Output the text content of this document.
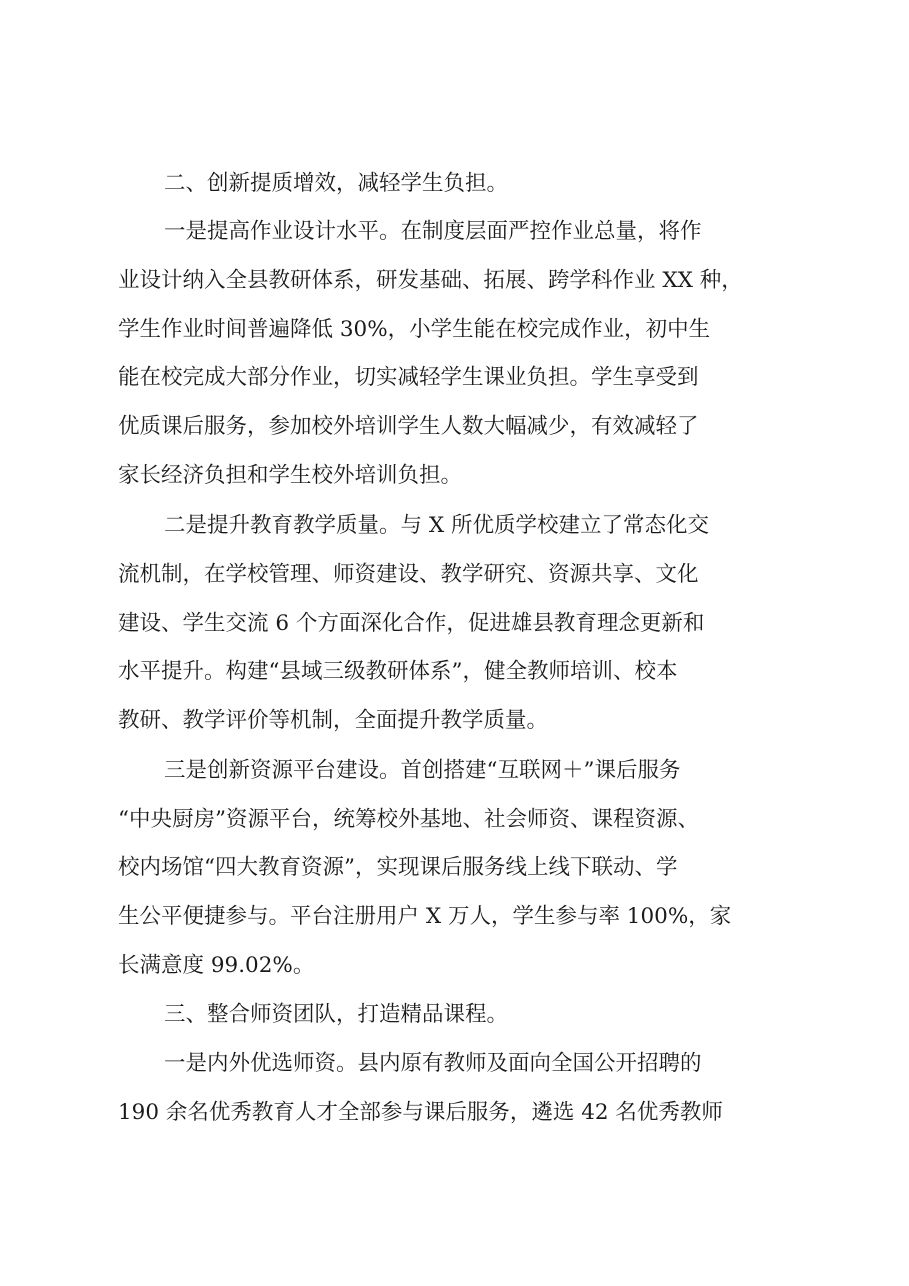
二、创新提质增效，减轻学生负担。
一是提高作业设计水平。在制度层面严控作业总量，将作
业设计纳入全县教研体系，研发基础、拓展、跨学科作业 XX 种，
学生作业时间普遍降低 30%，小学生能在校完成作业，初中生
能在校完成大部分作业，切实减轻学生课业负担。学生享受到
优质课后服务，参加校外培训学生人数大幅减少，有效减轻了
家长经济负担和学生校外培训负担。
二是提升教育教学质量。与 X 所优质学校建立了常态化交
流机制，在学校管理、师资建设、教学研究、资源共享、文化
建设、学生交流 6 个方面深化合作，促进雄县教育理念更新和
水平提升。构建“县域三级教研体系”，健全教师培训、校本
教研、教学评价等机制，全面提升教学质量。
三是创新资源平台建设。首创搭建“互联网＋”课后服务
“中央厨房”资源平台，统筹校外基地、社会师资、课程资源、
校内场馆“四大教育资源”，实现课后服务线上线下联动、学
生公平便捷参与。平台注册用户 X 万人，学生参与率 100%，家
长满意度 99.02%。
三、整合师资团队，打造精品课程。
一是内外优选师资。县内原有教师及面向全国公开招聘的
190 余名优秀教育人才全部参与课后服务，遴选 42 名优秀教师
